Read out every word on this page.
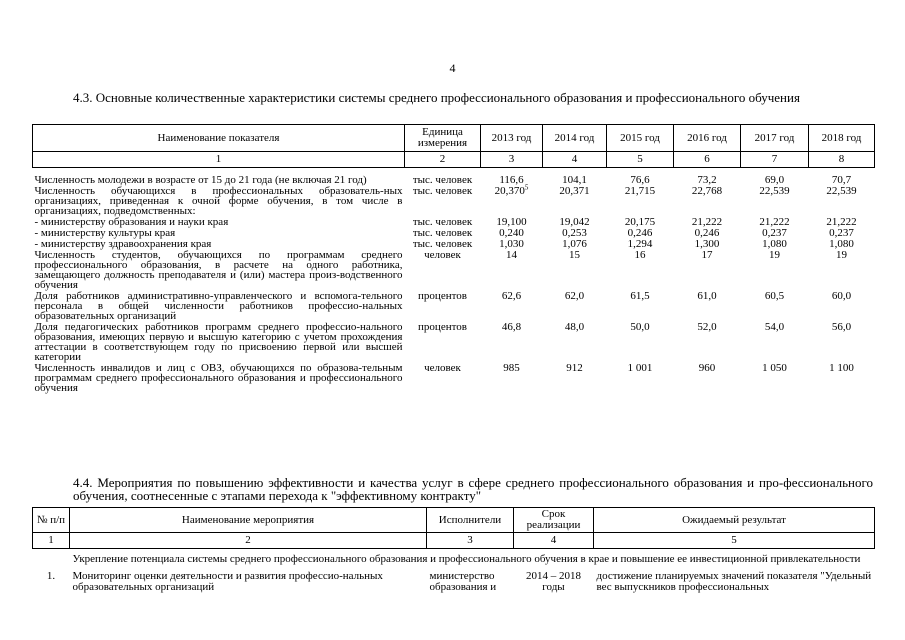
4
4.3. Основные количественные характеристики системы среднего профессионального образования и профессионального обучения
Наименование показателя	Единица измерения	2013 год	2014 год	2015 год	2016 год	2017 год	2018 год
1	2	3	4	5	6	7	8

Численность молодежи в возрасте от 15 до 21 года (не включая 21 год)	тыс. человек	116,6	104,1	76,6	73,2	69,0	70,7
Численность обучающихся в профессиональных образователь-ных организациях, приведенная к очной форме обучения, в том числе в организациях, подведомственных:	тыс. человек	20,370$^5$	20,371	21,715	22,768	22,539	22,539
- министерству образования и науки края	тыс. человек	19,100	19,042	20,175	21,222	21,222	21,222
- министерству культуры края	тыс. человек	0,240	0,253	0,246	0,246	0,237	0,237
- министерству здравоохранения края	тыс. человек	1,030	1,076	1,294	1,300	1,080	1,080
Численность студентов, обучающихся по программам среднего профессионального образования, в расчете на одного работника, замещающего должность преподавателя и (или) мастера произ-водственного обучения	человек	14	15	16	17	19	19
Доля работников административно-управленческого и вспомога-тельного персонала в общей численности работников профессио-нальных образовательных организаций	процентов	62,6	62,0	61,5	61,0	60,5	60,0
Доля педагогических работников программ среднего профессио-нального образования, имеющих первую и высшую категорию с учетом прохождения аттестации в соответствующем году по присвоению первой или высшей категории	процентов	46,8	48,0	50,0	52,0	54,0	56,0
Численность инвалидов и лиц с ОВЗ, обучающихся по образова-тельным программам среднего профессионального образования и профессионального обучения	человек	985	912	1 001	960	1 050	1 100
4.4. Мероприятия по повышению эффективности и качества услуг в сфере среднего профессионального образования и про-фессионального обучения, соотнесенные с этапами перехода к "эффективному контракту"
№ п/п	Наименование мероприятия	Исполнители	Срок реализации	Ожидаемый результат
1	2	3	4	5
	Укрепление потенциала системы среднего профессионального образования и профессионального обучения в крае и повышение ее инвестиционной привлекательности			
1.	Мониторинг оценки деятельности и развития профессио-нальных образовательных организаций	министерство образования и	2014 – 2018 годы	достижение планируемых значений показателя "Удельный вес выпускников профессиональных
